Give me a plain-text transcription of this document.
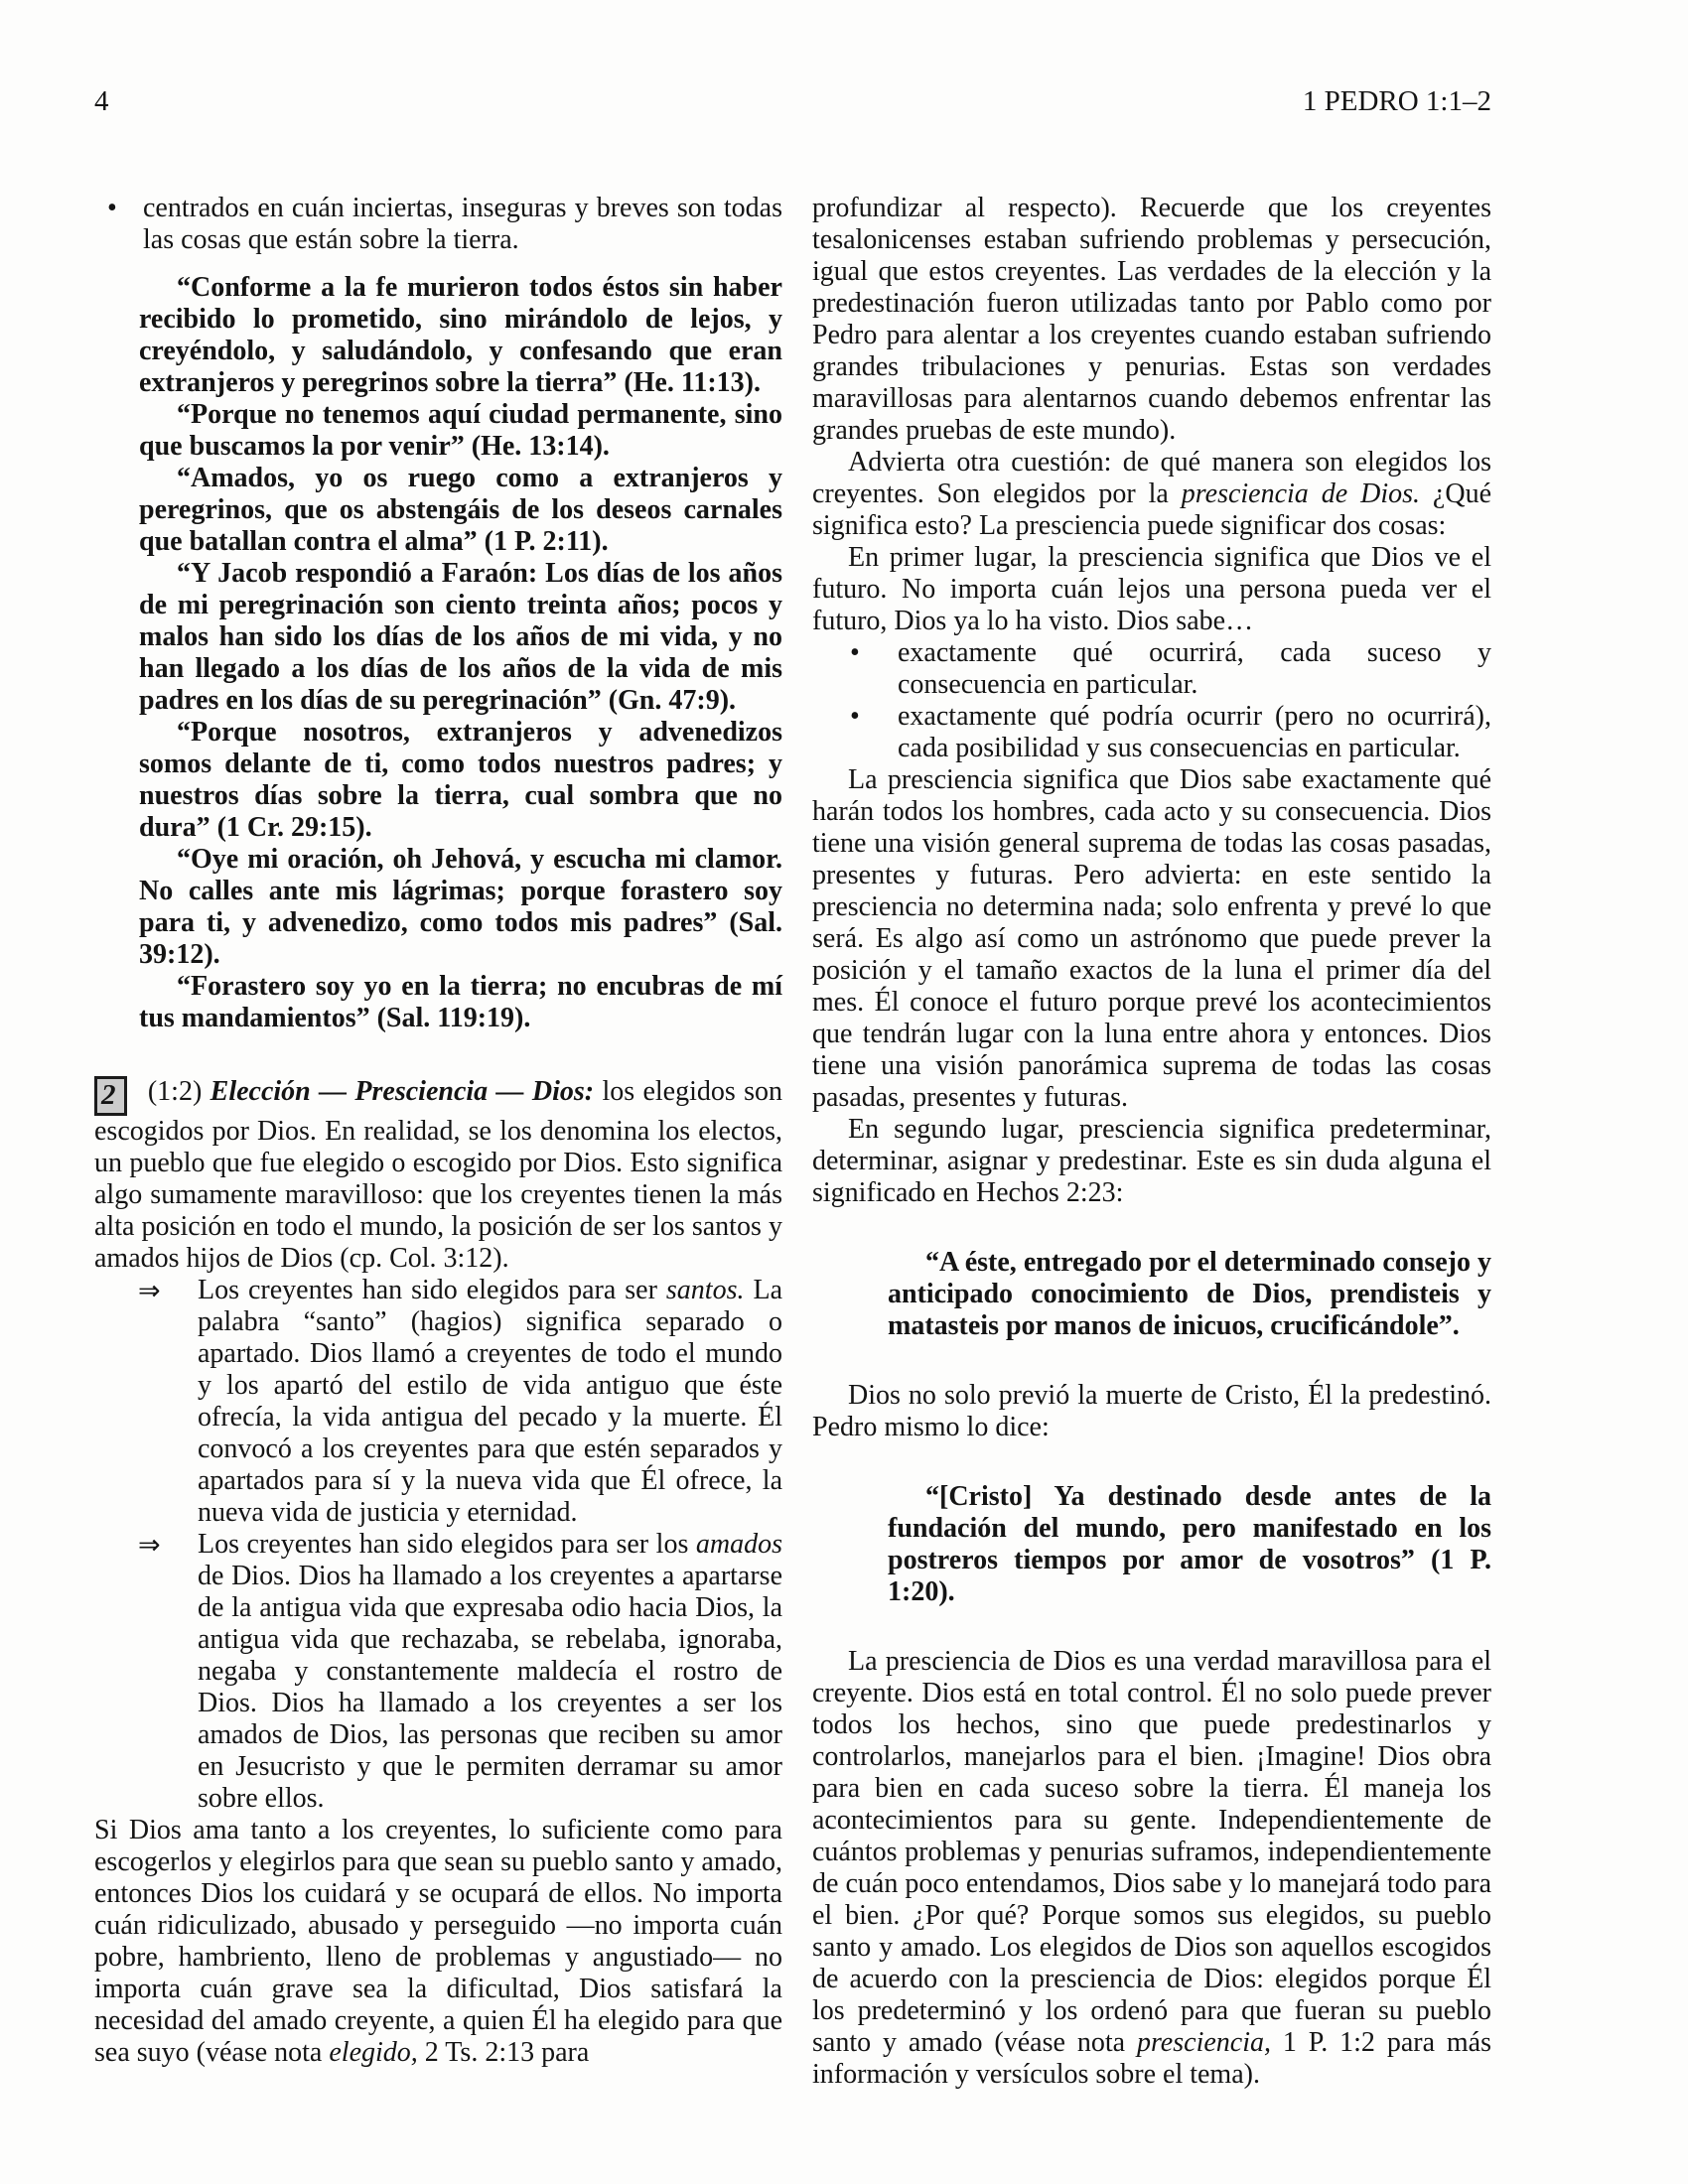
4	1 PEDRO 1:1–2
• centrados en cuán inciertas, inseguras y breves son todas las cosas que están sobre la tierra.

“Conforme a la fe murieron todos éstos sin haber recibido lo prometido, sino mirándolo de lejos, y creyéndolo, y saludándolo, y confesando que eran extranjeros y peregrinos sobre la tierra” (He. 11:13).

“Porque no tenemos aquí ciudad permanente, sino que buscamos la por venir” (He. 13:14).

“Amados, yo os ruego como a extranjeros y peregrinos, que os abstengáis de los deseos carnales que batallan contra el alma” (1 P. 2:11).

“Y Jacob respondió a Faraón: Los días de los años de mi peregrinación son ciento treinta años; pocos y malos han sido los días de los años de mi vida, y no han llegado a los días de los años de la vida de mis padres en los días de su peregrinación” (Gn. 47:9).

“Porque nosotros, extranjeros y advenedizos somos delante de ti, como todos nuestros padres; y nuestros días sobre la tierra, cual sombra que no dura” (1 Cr. 29:15).

“Oye mi oración, oh Jehová, y escucha mi clamor. No calles ante mis lágrimas; porque forastero soy para ti, y advenedizo, como todos mis padres” (Sal. 39:12).

“Forastero soy yo en la tierra; no encubras de mí tus mandamientos” (Sal. 119:19).

2 (1:2) Elección — Presciencia — Dios: los elegidos son escogidos por Dios. En realidad, se los denomina los electos, un pueblo que fue elegido o escogido por Dios. Esto significa algo sumamente maravilloso: que los creyentes tienen la más alta posición en todo el mundo, la posición de ser los santos y amados hijos de Dios (cp. Col. 3:12).

⇒ Los creyentes han sido elegidos para ser santos. La palabra “santo” (hagios) significa separado o apartado. Dios llamó a creyentes de todo el mundo y los apartó del estilo de vida antiguo que éste ofrecía, la vida antigua del pecado y la muerte. Él convocó a los creyentes para que estén separados y apartados para sí y la nueva vida que Él ofrece, la nueva vida de justicia y eternidad.

⇒ Los creyentes han sido elegidos para ser los amados de Dios. Dios ha llamado a los creyentes a apartarse de la antigua vida que expresaba odio hacia Dios, la antigua vida que rechazaba, se rebelaba, ignoraba, negaba y constantemente maldecía el rostro de Dios. Dios ha llamado a los creyentes a ser los amados de Dios, las personas que reciben su amor en Jesucristo y que le permiten derramar su amor sobre ellos.

Si Dios ama tanto a los creyentes, lo suficiente como para escogerlos y elegirlos para que sean su pueblo santo y amado, entonces Dios los cuidará y se ocupará de ellos. No importa cuán ridiculizado, abusado y perseguido —no importa cuán pobre, hambriento, lleno de problemas y angustiado— no importa cuán grave sea la dificultad, Dios satisfará la necesidad del amado creyente, a quien Él ha elegido para que sea suyo (véase nota elegido, 2 Ts. 2:13 para

profundizar al respecto). Recuerde que los creyentes tesalonicenses estaban sufriendo problemas y persecución, igual que estos creyentes. Las verdades de la elección y la predestinación fueron utilizadas tanto por Pablo como por Pedro para alentar a los creyentes cuando estaban sufriendo grandes tribulaciones y penurias. Estas son verdades maravillosas para alentarnos cuando debemos enfrentar las grandes pruebas de este mundo).

Advierta otra cuestión: de qué manera son elegidos los creyentes. Son elegidos por la presciencia de Dios. ¿Qué significa esto? La presciencia puede significar dos cosas:

En primer lugar, la presciencia significa que Dios ve el futuro. No importa cuán lejos una persona pueda ver el futuro, Dios ya lo ha visto. Dios sabe…

• exactamente qué ocurrirá, cada suceso y consecuencia en particular.

• exactamente qué podría ocurrir (pero no ocurrirá), cada posibilidad y sus consecuencias en particular.

La presciencia significa que Dios sabe exactamente qué harán todos los hombres, cada acto y su consecuencia. Dios tiene una visión general suprema de todas las cosas pasadas, presentes y futuras. Pero advierta: en este sentido la presciencia no determina nada; solo enfrenta y prevé lo que será. Es algo así como un astrónomo que puede prever la posición y el tamaño exactos de la luna el primer día del mes. Él conoce el futuro porque prevé los acontecimientos que tendrán lugar con la luna entre ahora y entonces. Dios tiene una visión panorámica suprema de todas las cosas pasadas, presentes y futuras.

En segundo lugar, presciencia significa predeterminar, determinar, asignar y predestinar. Este es sin duda alguna el significado en Hechos 2:23:

“A éste, entregado por el determinado consejo y anticipado conocimiento de Dios, prendisteis y matasteis por manos de inicuos, crucificándole”.

Dios no solo previó la muerte de Cristo, Él la predestinó. Pedro mismo lo dice:

“[Cristo] Ya destinado desde antes de la fundación del mundo, pero manifestado en los postreros tiempos por amor de vosotros” (1 P. 1:20).

La presciencia de Dios es una verdad maravillosa para el creyente. Dios está en total control. Él no solo puede prever todos los hechos, sino que puede predestinarlos y controlarlos, manejarlos para el bien. ¡Imagine! Dios obra para bien en cada suceso sobre la tierra. Él maneja los acontecimientos para su gente. Independientemente de cuántos problemas y penurias suframos, independientemente de cuán poco entendamos, Dios sabe y lo manejará todo para el bien. ¿Por qué? Porque somos sus elegidos, su pueblo santo y amado. Los elegidos de Dios son aquellos escogidos de acuerdo con la presciencia de Dios: elegidos porque Él los predeterminó y los ordenó para que fueran su pueblo santo y amado (véase nota presciencia, 1 P. 1:2 para más información y versículos sobre el tema).
